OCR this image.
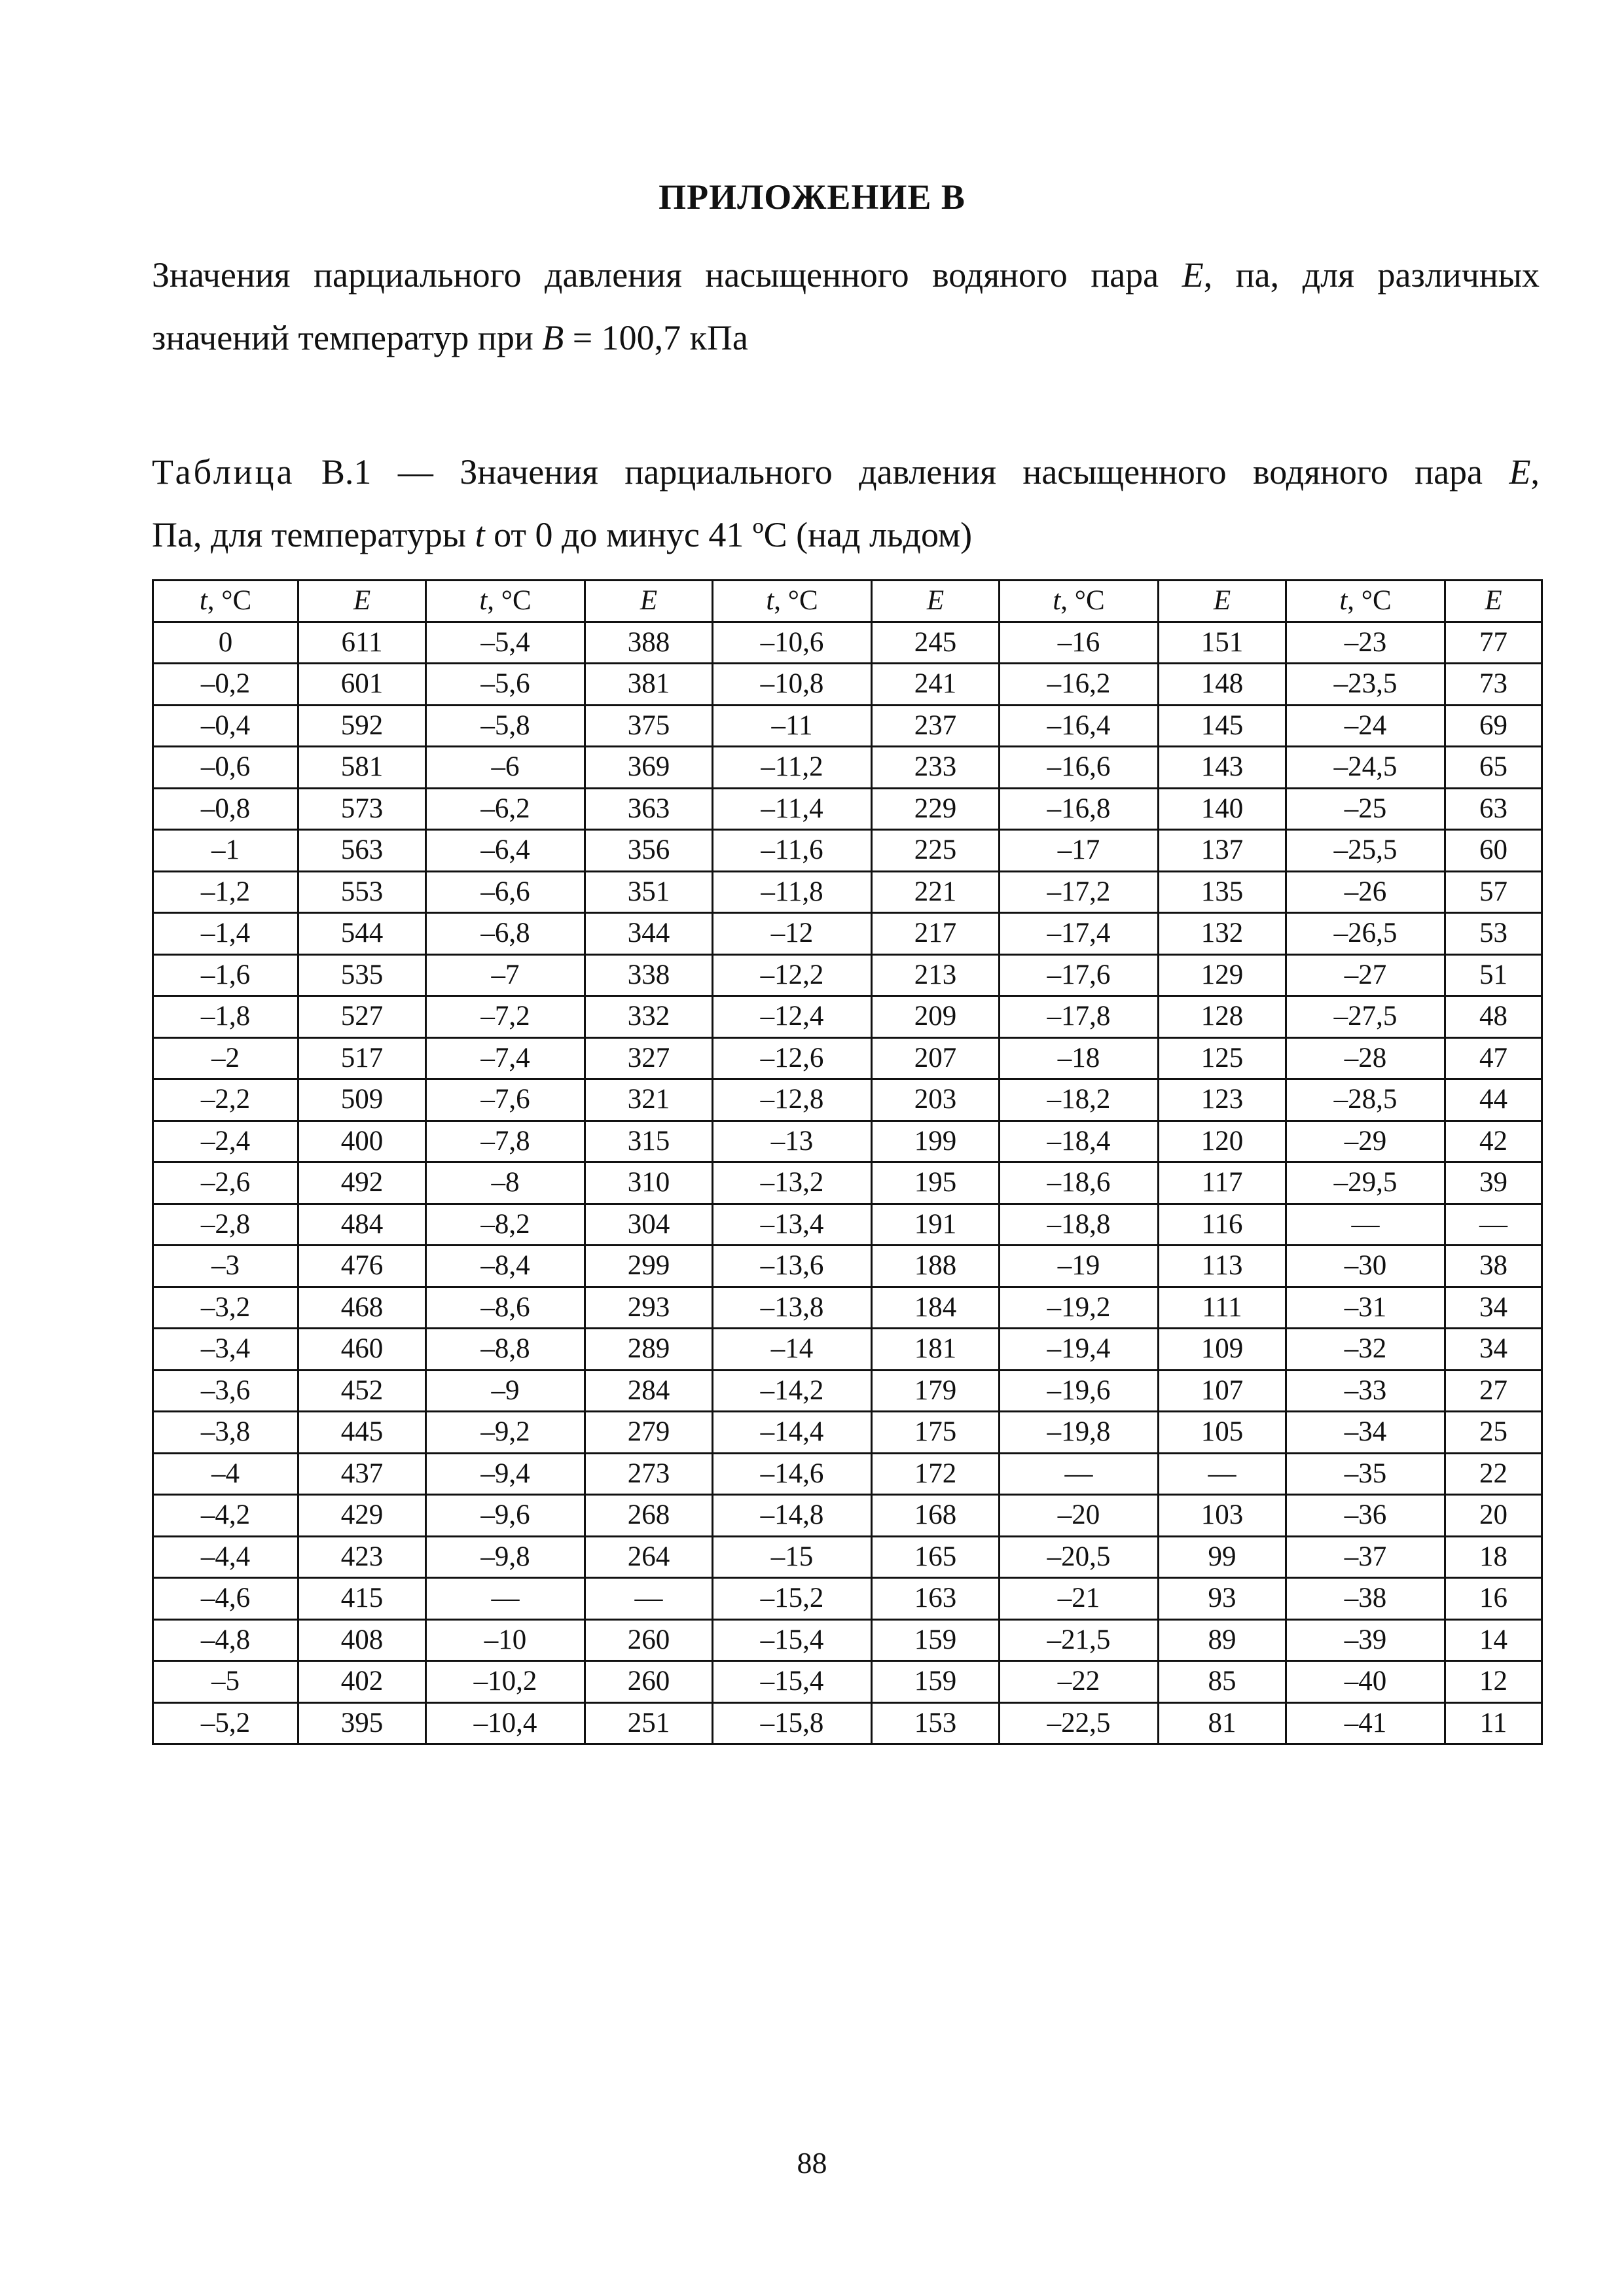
ПРИЛОЖЕНИЕ В
Значения парциального давления насыщенного водяного пара E, па, для различных
значений температур при B = 100,7 кПа
Таблица В.1 — Значения парциального давления насыщенного водяного пара E,
Па, для температуры t от 0 до минус 41 ºС (над льдом)
t, °С	E	t, °С	E	t, °С	E	t, °С	E	t, °С	E
0	611	–5,4	388	–10,6	245	–16	151	–23	77
–0,2	601	–5,6	381	–10,8	241	–16,2	148	–23,5	73
–0,4	592	–5,8	375	–11	237	–16,4	145	–24	69
–0,6	581	–6	369	–11,2	233	–16,6	143	–24,5	65
–0,8	573	–6,2	363	–11,4	229	–16,8	140	–25	63
–1	563	–6,4	356	–11,6	225	–17	137	–25,5	60
–1,2	553	–6,6	351	–11,8	221	–17,2	135	–26	57
–1,4	544	–6,8	344	–12	217	–17,4	132	–26,5	53
–1,6	535	–7	338	–12,2	213	–17,6	129	–27	51
–1,8	527	–7,2	332	–12,4	209	–17,8	128	–27,5	48
–2	517	–7,4	327	–12,6	207	–18	125	–28	47
–2,2	509	–7,6	321	–12,8	203	–18,2	123	–28,5	44
–2,4	400	–7,8	315	–13	199	–18,4	120	–29	42
–2,6	492	–8	310	–13,2	195	–18,6	117	–29,5	39
–2,8	484	–8,2	304	–13,4	191	–18,8	116	—	—
–3	476	–8,4	299	–13,6	188	–19	113	–30	38
–3,2	468	–8,6	293	–13,8	184	–19,2	111	–31	34
–3,4	460	–8,8	289	–14	181	–19,4	109	–32	34
–3,6	452	–9	284	–14,2	179	–19,6	107	–33	27
–3,8	445	–9,2	279	–14,4	175	–19,8	105	–34	25
–4	437	–9,4	273	–14,6	172	—	—	–35	22
–4,2	429	–9,6	268	–14,8	168	–20	103	–36	20
–4,4	423	–9,8	264	–15	165	–20,5	99	–37	18
–4,6	415	—	—	–15,2	163	–21	93	–38	16
–4,8	408	–10	260	–15,4	159	–21,5	89	–39	14
–5	402	–10,2	260	–15,4	159	–22	85	–40	12
–5,2	395	–10,4	251	–15,8	153	–22,5	81	–41	11
88
